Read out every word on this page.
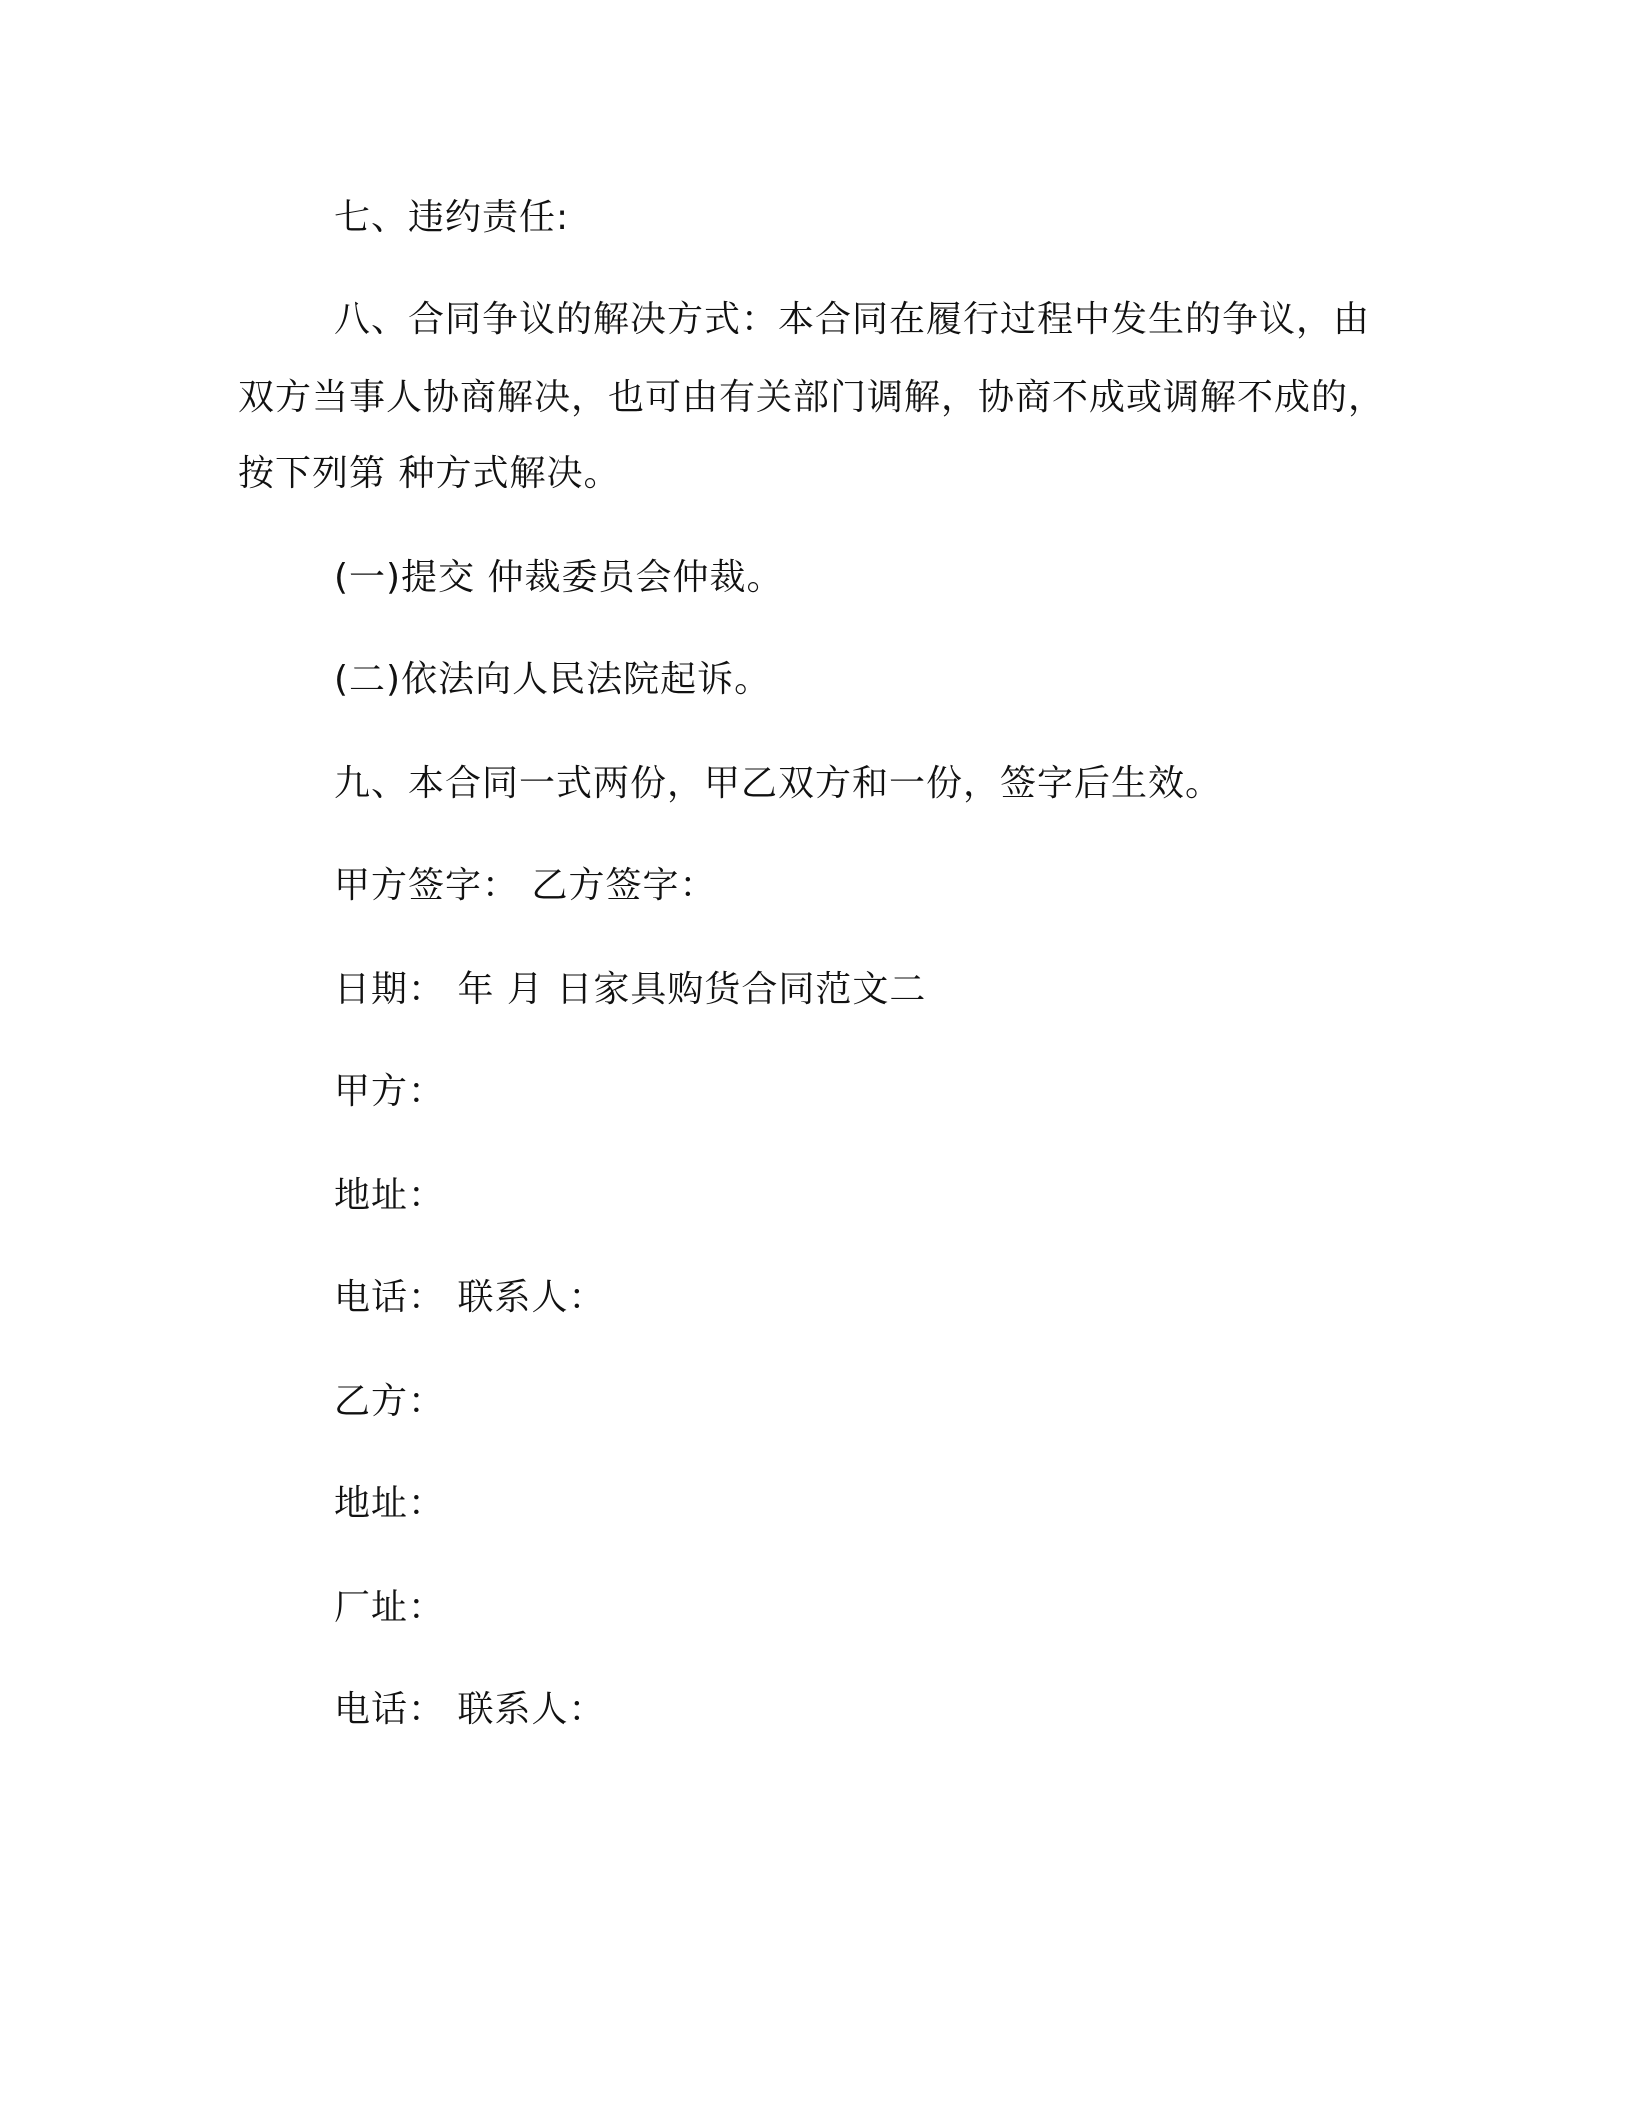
七、违约责任:
八、合同争议的解决方式：本合同在履行过程中发生的争议，由
双方当事人协商解决，也可由有关部门调解，协商不成或调解不成的，
按下列第 种方式解决。
(一)提交 仲裁委员会仲裁。
(二)依法向人民法院起诉。
九、本合同一式两份，甲乙双方和一份，签字后生效。
甲方签字： 乙方签字：
日期： 年 月 日家具购货合同范文二
甲方：
地址：
电话： 联系人：
乙方：
地址：
厂址：
电话： 联系人：
